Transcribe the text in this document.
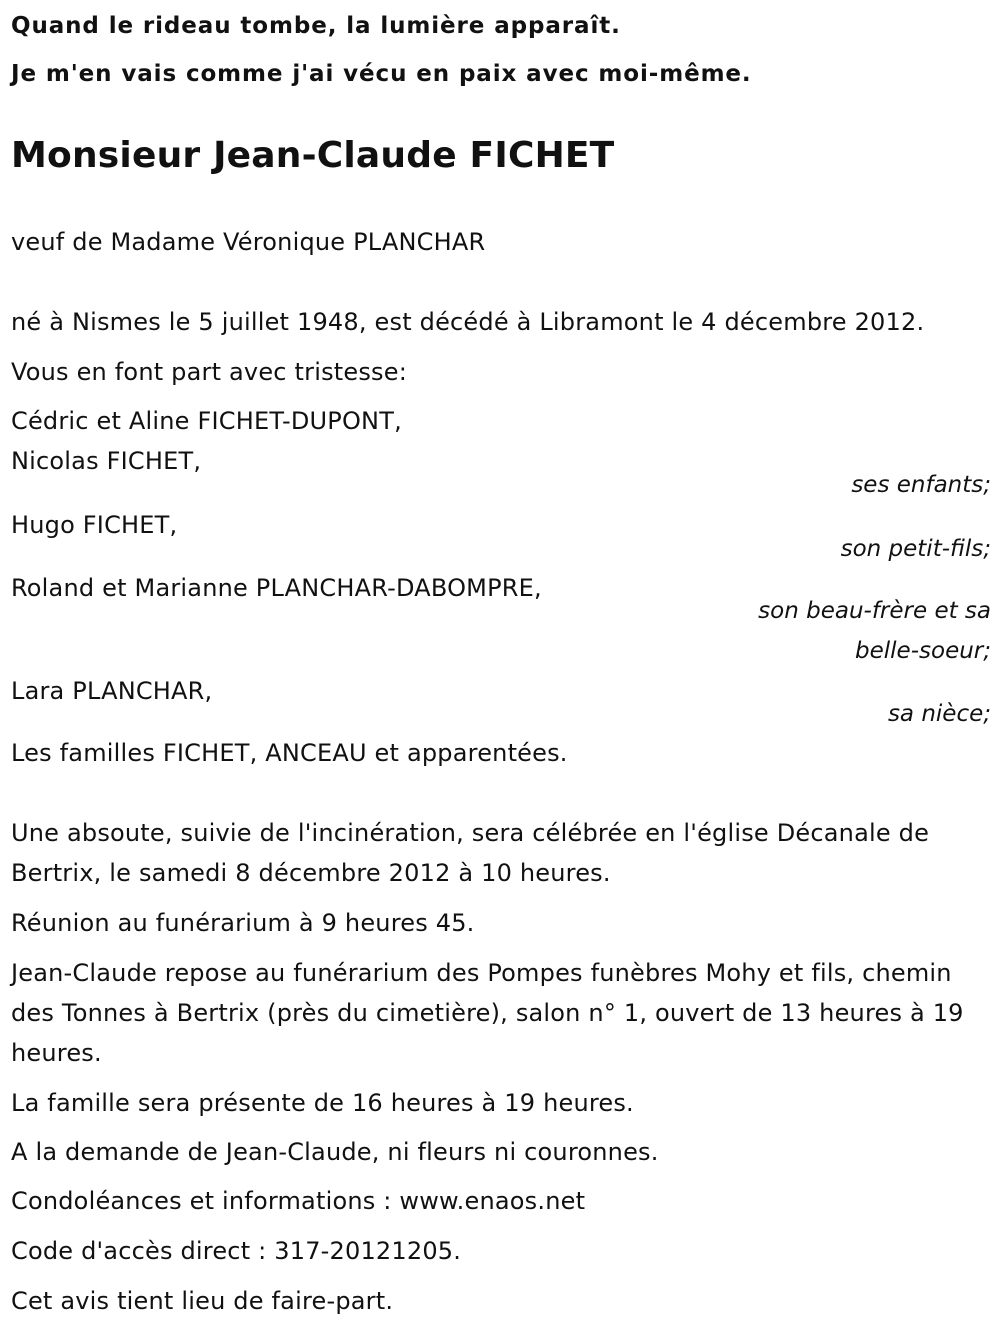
Quand le rideau tombe, la lumière apparaît.
Je m'en vais comme j'ai vécu en paix avec moi-même.
Monsieur Jean-Claude FICHET
veuf de Madame Véronique PLANCHAR
né à Nismes le 5 juillet 1948, est décédé à Libramont le 4 décembre 2012.
Vous en font part avec tristesse:
Cédric et Aline FICHET-DUPONT,
Nicolas FICHET,
ses enfants;
Hugo FICHET,
son petit-fils;
Roland et Marianne PLANCHAR-DABOMPRE,
son beau-frère et sa
belle-soeur;
Lara PLANCHAR,
sa nièce;
Les familles FICHET, ANCEAU et apparentées.
Une absoute, suivie de l'incinération, sera célébrée en l'église Décanale de Bertrix, le samedi 8 décembre 2012 à 10 heures.
Réunion au funérarium à 9 heures 45.
Jean-Claude repose au funérarium des Pompes funèbres Mohy et fils, chemin des Tonnes à Bertrix (près du cimetière), salon n° 1, ouvert de 13 heures à 19 heures.
La famille sera présente de 16 heures à 19 heures.
A la demande de Jean-Claude, ni fleurs ni couronnes.
Condoléances et informations : www.enaos.net
Code d'accès direct : 317-20121205.
Cet avis tient lieu de faire-part.
